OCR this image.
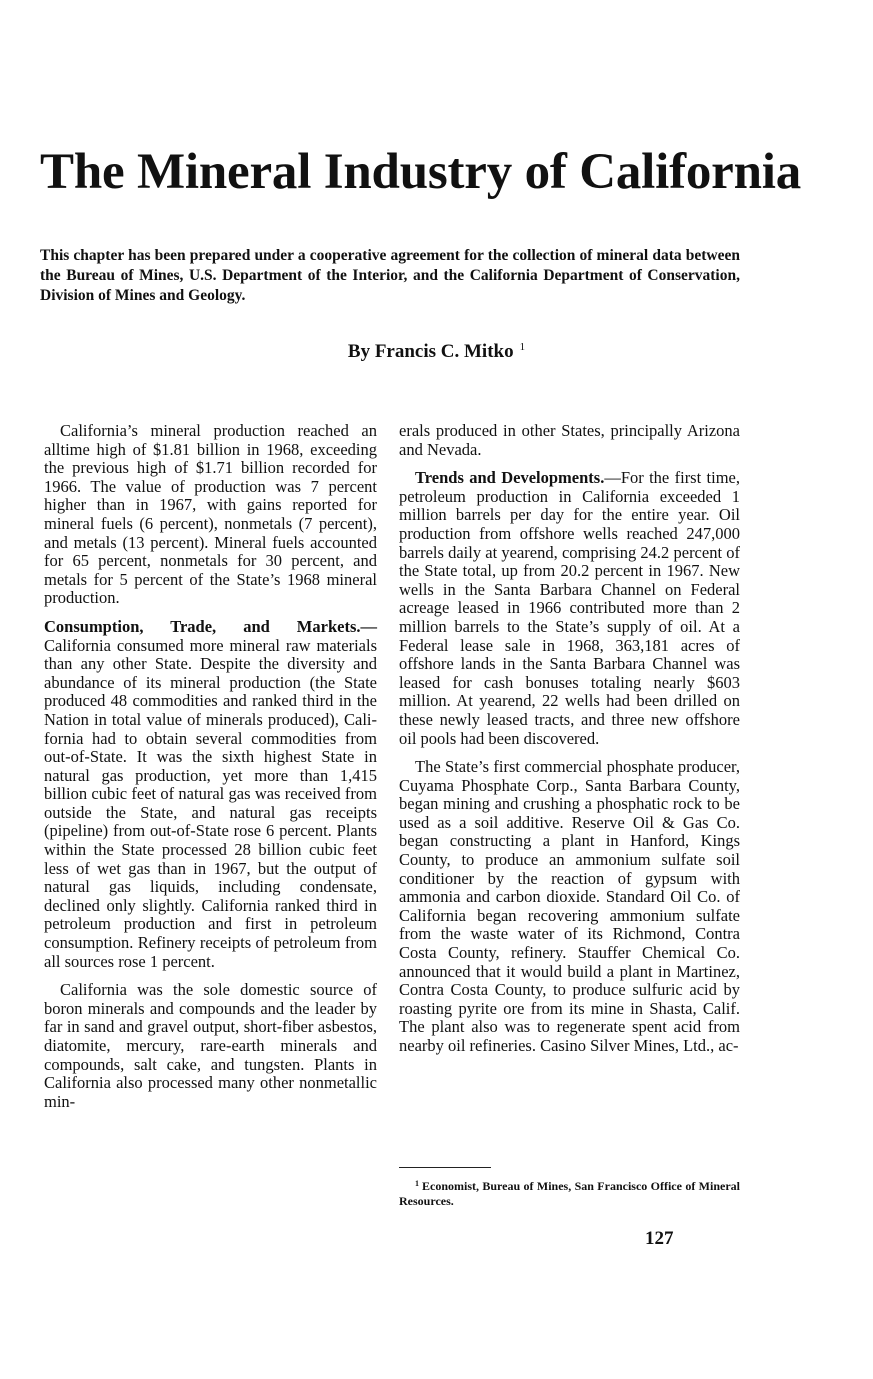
The Mineral Industry of California

This chapter has been prepared under a cooperative agreement for the collection of mineral data between the Bureau of Mines, U.S. Department of the Interior, and the California Department of Conservation, Division of Mines and Geology.

By Francis C. Mitko $^1$

California’s mineral production reached an alltime high of $1.81 billion in 1968, exceeding the previous high of $1.71 billion recorded for 1966. The value of production was 7 percent higher than in 1967, with gains reported for mineral fuels (6 percent), nonmetals (7 percent), and metals (13 percent). Mineral fuels accounted for 65 percent, nonmetals for 30 percent, and metals for 5 percent of the State’s 1968 mineral production.

Consumption, Trade, and Markets.— California consumed more mineral raw materials than any other State. Despite the diversity and abundance of its mineral production (the State produced 48 commodities and ranked third in the Nation in total value of minerals produced), California had to obtain several commodities from out-of-State. It was the sixth highest State in natural gas production, yet more than 1,415 billion cubic feet of natural gas was received from outside the State, and natural gas receipts (pipeline) from out-of-State rose 6 percent. Plants within the State processed 28 billion cubic feet less of wet gas than in 1967, but the output of natural gas liquids, including condensate, declined only slightly. California ranked third in petroleum production and first in petroleum consumption. Refinery receipts of petroleum from all sources rose 1 percent.

California was the sole domestic source of boron minerals and compounds and the leader by far in sand and gravel output, short-fiber asbestos, diatomite, mercury, rare-earth minerals and compounds, salt cake, and tungsten. Plants in California also processed many other nonmetallic min-

erals produced in other States, principally Arizona and Nevada.

Trends and Developments.—For the first time, petroleum production in California exceeded 1 million barrels per day for the entire year. Oil production from offshore wells reached 247,000 barrels daily at yearend, comprising 24.2 percent of the State total, up from 20.2 percent in 1967. New wells in the Santa Barbara Channel on Federal acreage leased in 1966 contributed more than 2 million barrels to the State’s supply of oil. At a Federal lease sale in 1968, 363,181 acres of offshore lands in the Santa Barbara Channel was leased for cash bonuses totaling nearly $603 million. At yearend, 22 wells had been drilled on these newly leased tracts, and three new offshore oil pools had been discovered.

The State’s first commercial phosphate producer, Cuyama Phosphate Corp., Santa Barbara County, began mining and crushing a phosphatic rock to be used as a soil additive. Reserve Oil & Gas Co. began constructing a plant in Hanford, Kings County, to produce an ammonium sulfate soil conditioner by the reaction of gypsum with ammonia and carbon dioxide. Standard Oil Co. of California began recovering ammonium sulfate from the waste water of its Richmond, Contra Costa County, refinery. Stauffer Chemical Co. announced that it would build a plant in Martinez, Contra Costa County, to produce sulfuric acid by roasting pyrite ore from its mine in Shasta, Calif. The plant also was to regenerate spent acid from nearby oil refineries. Casino Silver Mines, Ltd., ac-

$^1$ Economist, Bureau of Mines, San Francisco Office of Mineral Resources.

127
